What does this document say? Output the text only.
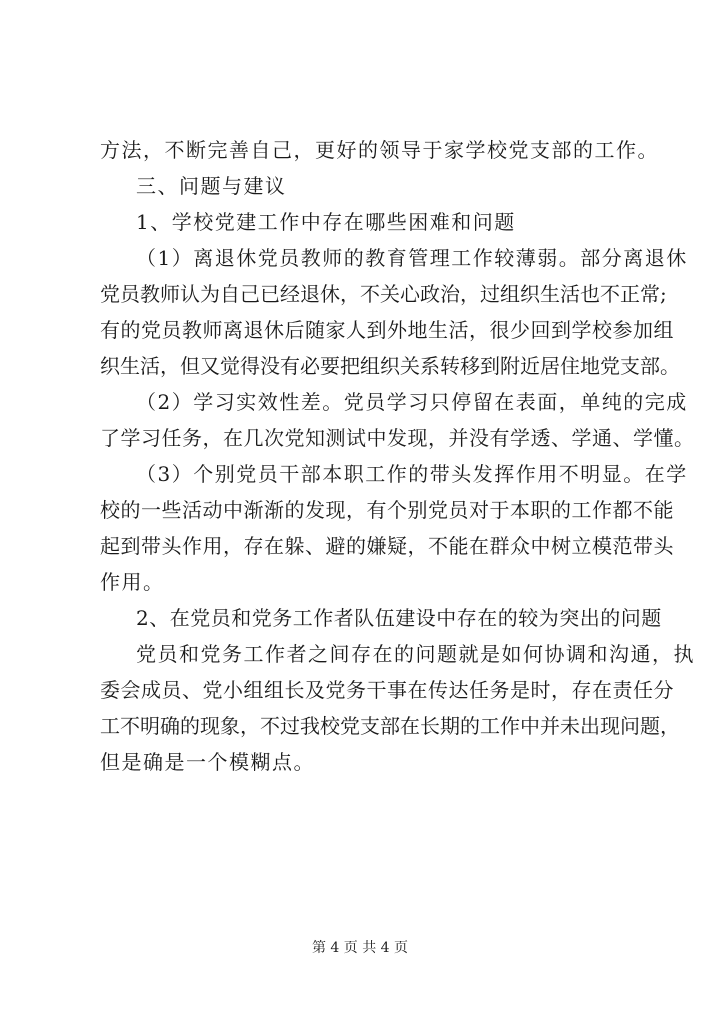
方法，不断完善自己，更好的领导于家学校党支部的工作。
三、问题与建议
1、学校党建工作中存在哪些困难和问题
（1）离退休党员教师的教育管理工作较薄弱。部分离退休
党员教师认为自己已经退休，不关心政治，过组织生活也不正常;
有的党员教师离退休后随家人到外地生活，很少回到学校参加组
织生活，但又觉得没有必要把组织关系转移到附近居住地党支部。
（2）学习实效性差。党员学习只停留在表面，单纯的完成
了学习任务，在几次党知测试中发现，并没有学透、学通、学懂。
（3）个别党员干部本职工作的带头发挥作用不明显。在学
校的一些活动中渐渐的发现，有个别党员对于本职的工作都不能
起到带头作用，存在躲、避的嫌疑，不能在群众中树立模范带头
作用。
2、在党员和党务工作者队伍建设中存在的较为突出的问题
党员和党务工作者之间存在的问题就是如何协调和沟通，执
委会成员、党小组组长及党务干事在传达任务是时，存在责任分
工不明确的现象，不过我校党支部在长期的工作中并未出现问题，
但是确是一个模糊点。
第 4 页 共 4 页
